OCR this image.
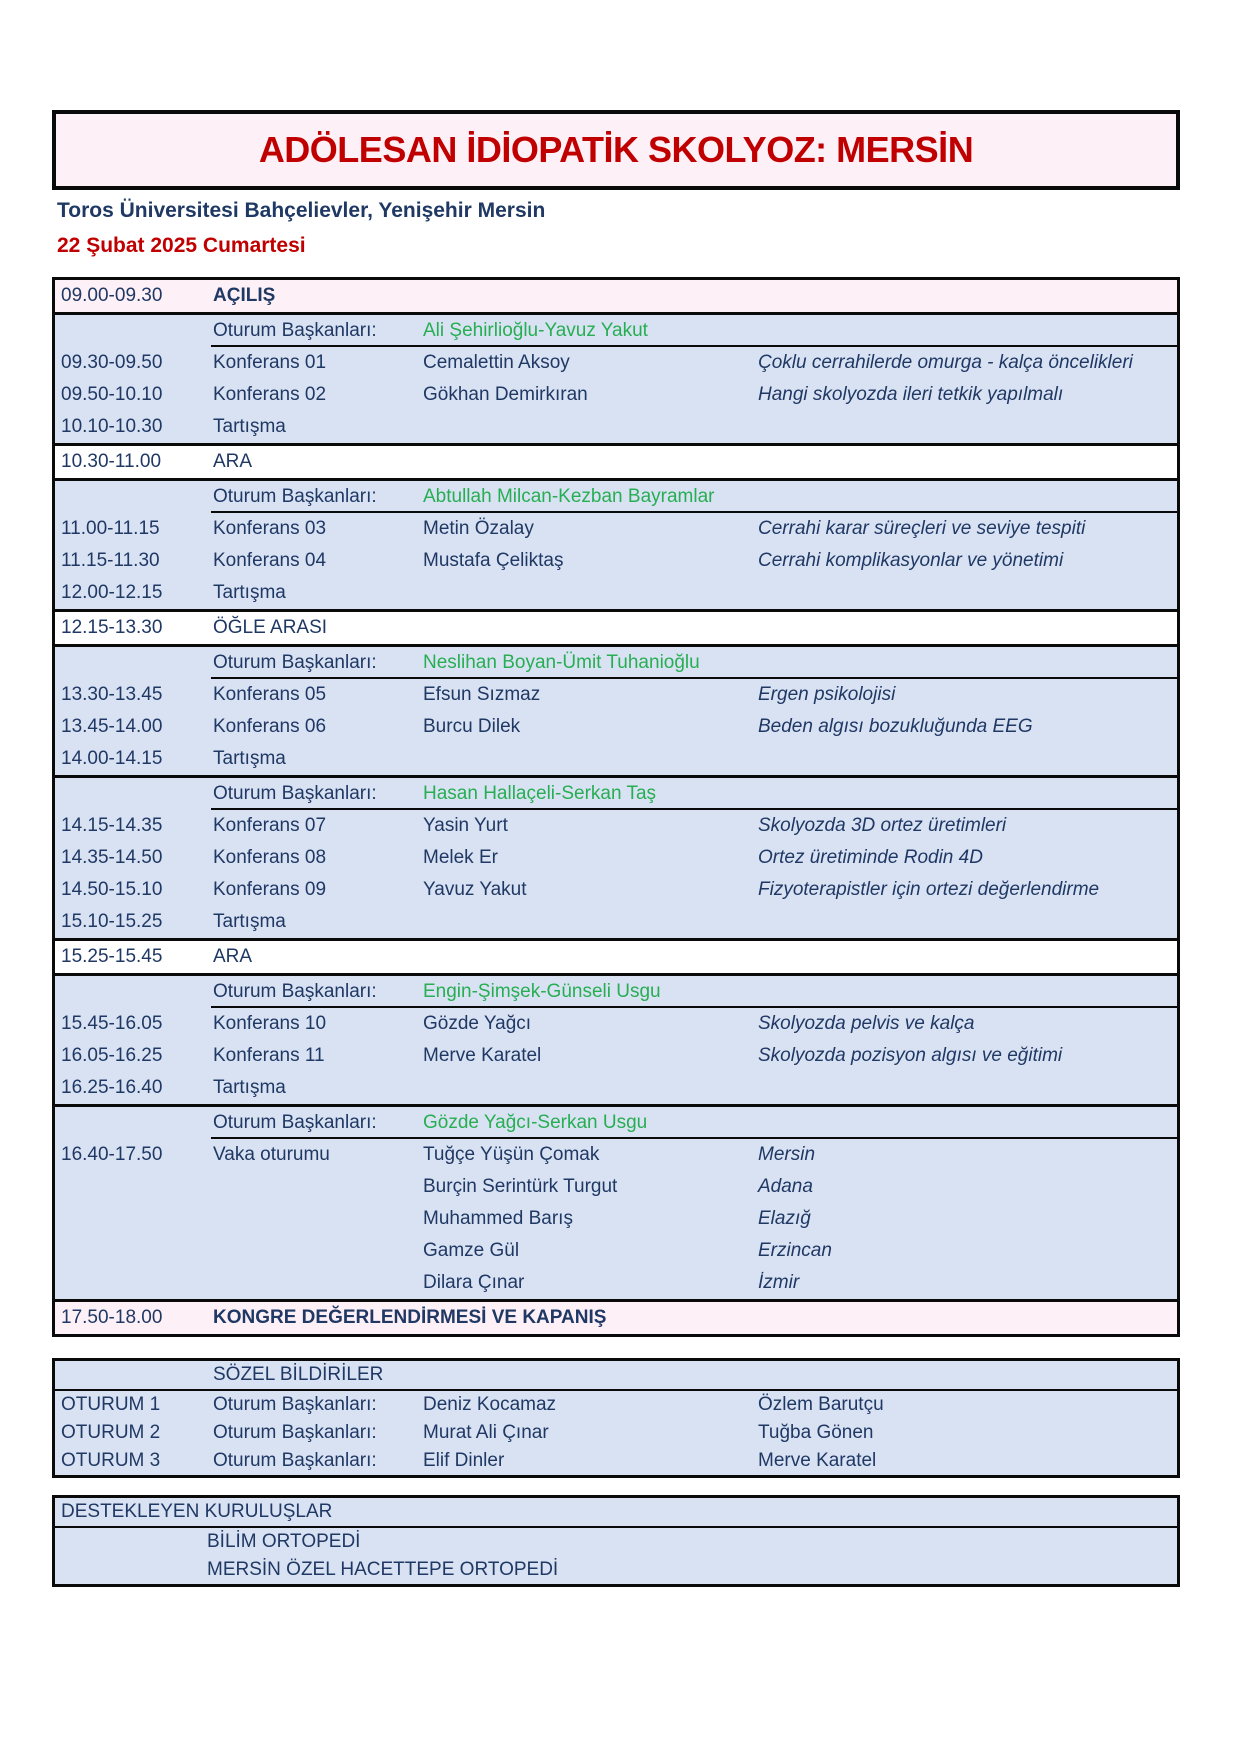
ADÖLESAN İDİOPATİK SKOLYOZ: MERSİN
Toros Üniversitesi Bahçelievler, Yenişehir Mersin
22 Şubat 2025 Cumartesi
09.00-09.30	AÇILIŞ
Oturum Başkanları:	Ali Şehirlioğlu-Yavuz Yakut
09.30-09.50	Konferans 01	Cemalettin Aksoy	Çoklu cerrahilerde omurga - kalça öncelikleri
09.50-10.10	Konferans 02	Gökhan Demirkıran	Hangi skolyozda ileri tetkik yapılmalı
10.10-10.30	Tartışma
10.30-11.00	ARA
Oturum Başkanları:	Abtullah Milcan-Kezban Bayramlar
11.00-11.15	Konferans 03	Metin Özalay	Cerrahi karar süreçleri ve seviye tespiti
11.15-11.30	Konferans 04	Mustafa Çeliktaş	Cerrahi komplikasyonlar ve yönetimi
12.00-12.15	Tartışma
12.15-13.30	ÖĞLE ARASI
Oturum Başkanları:	Neslihan Boyan-Ümit Tuhanioğlu
13.30-13.45	Konferans 05	Efsun Sızmaz	Ergen psikolojisi
13.45-14.00	Konferans 06	Burcu Dilek	Beden algısı bozukluğunda EEG
14.00-14.15	Tartışma
Oturum Başkanları:	Hasan Hallaçeli-Serkan Taş
14.15-14.35	Konferans 07	Yasin Yurt	Skolyozda 3D ortez üretimleri
14.35-14.50	Konferans 08	Melek Er	Ortez üretiminde Rodin 4D
14.50-15.10	Konferans 09	Yavuz Yakut	Fizyoterapistler için ortezi değerlendirme
15.10-15.25	Tartışma
15.25-15.45	ARA
Oturum Başkanları:	Engin-Şimşek-Günseli Usgu
15.45-16.05	Konferans 10	Gözde Yağcı	Skolyozda pelvis ve kalça
16.05-16.25	Konferans 11	Merve Karatel	Skolyozda pozisyon algısı ve eğitimi
16.25-16.40	Tartışma
Oturum Başkanları:	Gözde Yağcı-Serkan Usgu
16.40-17.50	Vaka oturumu	Tuğçe Yüşün Çomak	Mersin
Burçin Serintürk Turgut	Adana
Muhammed Barış	Elazığ
Gamze Gül	Erzincan
Dilara Çınar	İzmir
17.50-18.00	KONGRE DEĞERLENDİRMESİ VE KAPANIŞ
SÖZEL BİLDİRİLER
OTURUM 1	Oturum Başkanları:	Deniz Kocamaz	Özlem Barutçu
OTURUM 2	Oturum Başkanları:	Murat Ali Çınar	Tuğba Gönen
OTURUM 3	Oturum Başkanları:	Elif Dinler	Merve Karatel
DESTEKLEYEN KURULUŞLAR
BİLİM ORTOPEDİ
MERSİN ÖZEL HACETTEPE ORTOPEDİ
